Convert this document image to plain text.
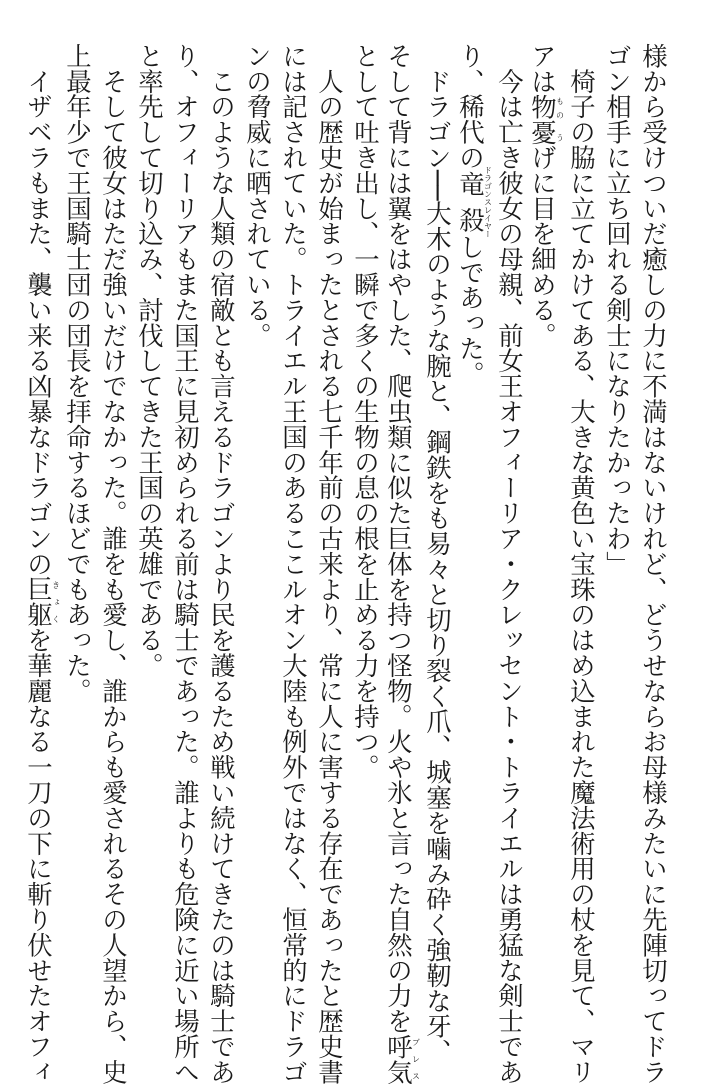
様から受けついだ癒しの力に不満はないけれど、どうせならお母様みたいに先陣切ってドラ

ゴン相手に立ち回れる剣士になりたかったわ」

　椅子の脇に立てかけてある、大きな黄色い宝珠のはめ込まれた魔法術用の杖を見て、マリ

アは物憂もの うげに目を細める。

　今は亡き彼女の母親、前女王オフィーリア・クレッセント・トライエルは勇猛な剣士であ

り、稀代の竜殺ドラゴンスレイヤーしであった。

　ドラゴン──大木のような腕と、鋼鉄をも易々と切り裂く爪、城塞を噛み砕く強靭な牙、

そして背には翼をはやした、爬虫類に似た巨体を持つ怪物。火や氷と言った自然の力を呼気ブレス

として吐き出し、一瞬で多くの生物の息の根を止める力を持つ。

　人の歴史が始まったとされる七千年前の古来より、常に人に害する存在であったと歴史書

には記されていた。トライエル王国のあるここルオン大陸も例外ではなく、恒常的にドラゴ

ンの脅威に晒されている。

　このような人類の宿敵とも言えるドラゴンより民を護るため戦い続けてきたのは騎士であ

り、オフィーリアもまた国王に見初められる前は騎士であった。誰よりも危険に近い場所へ

と率先して切り込み、討伐してきた王国の英雄である。

　そして彼女はただ強いだけでなかった。誰をも愛し、誰からも愛されるその人望から、史

上最年少で王国騎士団の団長を拝命するほどでもあった。

　イザベラもまた、襲い来る凶暴なドラゴンの巨躯きょくを華麗なる一刀の下に斬り伏せたオフィ
